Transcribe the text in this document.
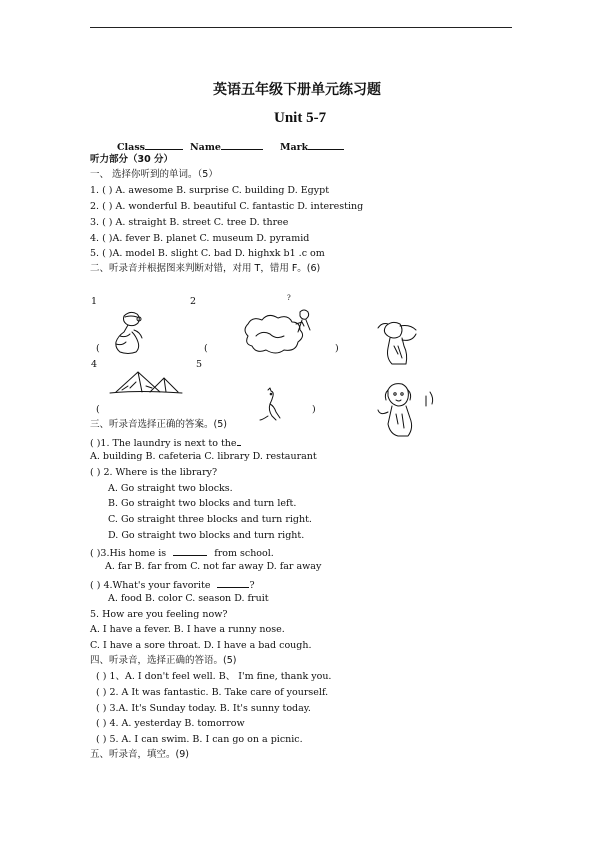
英语五年级下册单元练习题
Unit 5-7
Class	Name	Mark
听力部分（30 分）
一、 选择你听到的单词。（5）
1. ( ) A. awesome B. surprise C. building D. Egypt
2. ( ) A. wonderful B. beautiful C. fantastic D. interesting
3. ( ) A. straight B. street C. tree D. three
4. ( )A. fever B. planet C. museum D. pyramid
5. ( )A. model B. slight C. bad D. highxk b1 .c om
二、听录音并根据图来判断对错，对用 T，错用 F。(6)
1	2	?
4	5
(	(	)
(	)
三、听录音选择正确的答案。(5)
( )1. The laundry is next to the
A. building B. cafeteria C. library D. restaurant
( ) 2. Where is the library?
A. Go straight two blocks.
B. Go straight two blocks and turn left.
C. Go straight three blocks and turn right.
D. Go straight two blocks and turn right.
( )3.His home is	from school.
A. far B. far from C. not far away D. far away
( ) 4.What's your favorite	?
A. food B. color C. season D. fruit
5. How are you feeling now?
A. I have a fever. B. I have a runny nose.
C. I have a sore throat. D. I have a bad cough.
四、听录音，选择正确的答语。(5)
( ) 1、A. I don't feel well. B、 I'm fine, thank you.
( ) 2. A It was fantastic. B. Take care of yourself.
( ) 3.A. It's Sunday today. B. It's sunny today.
( ) 4. A. yesterday B. tomorrow
( ) 5. A. I can swim. B. I can go on a picnic.
五、听录音，填空。(9)
